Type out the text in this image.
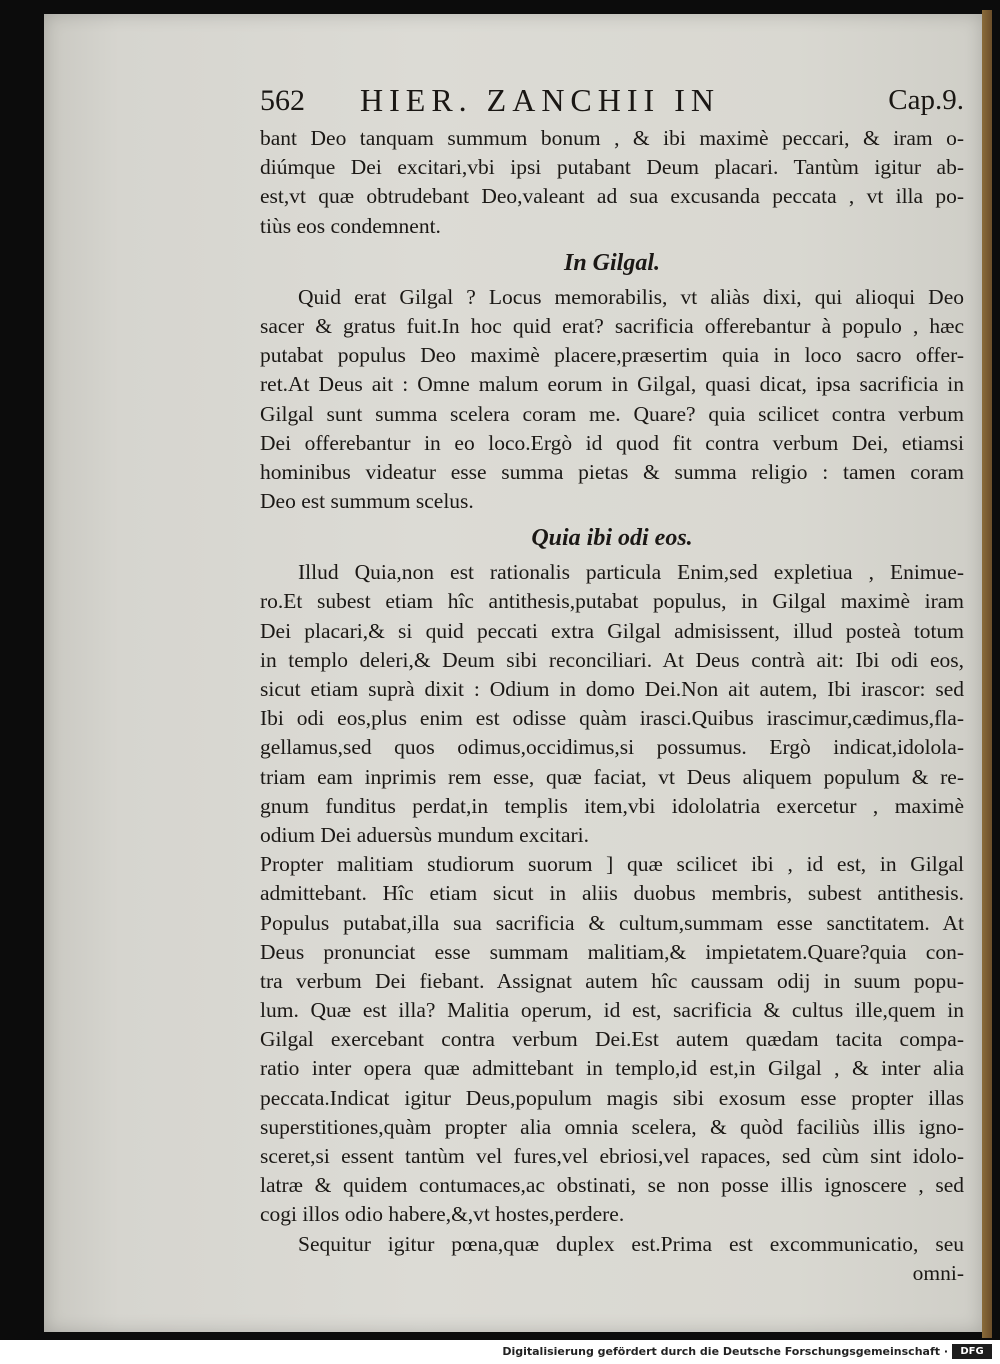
562 HIER. ZANCHII IN	Cap.9.
bant Deo tanquam summum bonum , & ibi maximè peccari, & iram o-
diúmque Dei excitari,vbi ipsi putabant Deum placari. Tantùm igitur ab-
est,vt quæ obtrudebant Deo,valeant ad sua excusanda peccata , vt illa po-
tiùs eos condemnent.
In Gilgal.
Quid erat Gilgal ? Locus memorabilis, vt aliàs dixi, qui alioqui Deo
sacer & gratus fuit.In hoc quid erat? sacrificia offerebantur à populo , hæc
putabat populus Deo maximè placere,præsertim quia in loco sacro offer-
ret.At Deus ait : Omne malum eorum in Gilgal, quasi dicat, ipsa sacrificia in
Gilgal sunt summa scelera coram me. Quare? quia scilicet contra verbum
Dei offerebantur in eo loco.Ergò id quod fit contra verbum Dei, etiamsi
hominibus videatur esse summa pietas & summa religio : tamen coram
Deo est summum scelus.
Quia ibi odi eos.
Illud Quia,non est rationalis particula Enim,sed expletiua , Enimue-
ro.Et subest etiam hîc antithesis,putabat populus, in Gilgal maximè iram
Dei placari,& si quid peccati extra Gilgal admisissent, illud posteà totum
in templo deleri,& Deum sibi reconciliari. At Deus contrà ait: Ibi odi eos,
sicut etiam suprà dixit : Odium in domo Dei.Non ait autem, Ibi irascor: sed
Ibi odi eos,plus enim est odisse quàm irasci.Quibus irascimur,cædimus,fla-
gellamus,sed quos odimus,occidimus,si possumus. Ergò indicat,idolola-
triam eam inprimis rem esse, quæ faciat, vt Deus aliquem populum & re-
gnum funditus perdat,in templis item,vbi idololatria exercetur , maximè
odium Dei aduersùs mundum excitari.
Propter malitiam studiorum suorum ] quæ scilicet ibi , id est, in Gilgal
admittebant. Hîc etiam sicut in aliis duobus membris, subest antithesis.
Populus putabat,illa sua sacrificia & cultum,summam esse sanctitatem. At
Deus pronunciat esse summam malitiam,& impietatem.Quare?quia con-
tra verbum Dei fiebant. Assignat autem hîc caussam odij in suum popu-
lum. Quæ est illa? Malitia operum, id est, sacrificia & cultus ille,quem in
Gilgal exercebant contra verbum Dei.Est autem quædam tacita compa-
ratio inter opera quæ admittebant in templo,id est,in Gilgal , & inter alia
peccata.Indicat igitur Deus,populum magis sibi exosum esse propter illas
superstitiones,quàm propter alia omnia scelera, & quòd faciliùs illis igno-
sceret,si essent tantùm vel fures,vel ebriosi,vel rapaces, sed cùm sint idolo-
latræ & quidem contumaces,ac obstinati, se non posse illis ignoscere , sed
cogi illos odio habere,&,vt hostes,perdere.
Sequitur igitur pœna,quæ duplex est.Prima est excommunicatio, seu
omni-
Digitalisierung gefördert durch die Deutsche Forschungsgemeinschaft ·	DFG
